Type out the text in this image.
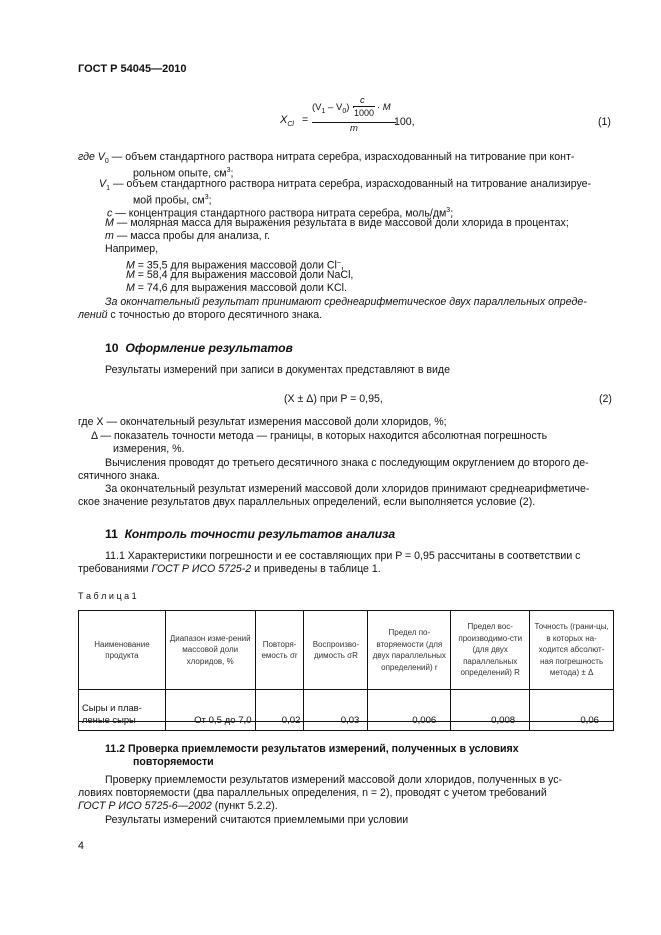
ГОСТ Р 54045—2010
$X_{Cl}$ =
$(V_1 - V_0)$ ·
c
1000 · M
m
100,	(1)
где $V_0$ — объем стандартного раствора нитрата серебра, израсходованный на титрование при конт-
рольном опыте, $см^3$;
$V_1$ — объем стандартного раствора нитрата серебра, израсходованный на титрование анализируе-
мой пробы, $см^3$;
c — концентрация стандартного раствора нитрата серебра, моль/$дм^3$;
M — молярная масса для выражения результата в виде массовой доли хлорида в процентах;
m — масса пробы для анализа, г.
Например,
M = 35,5 для выражения массовой доли Cl–,
M = 58,4 для выражения массовой доли NaCl,
M = 74,6 для выражения массовой доли KCl.
За окончательный результат принимают среднеарифметическое двух параллельных опреде-
лений с точностью до второго десятичного знака.
10 Оформление результатов
Результаты измерений при записи в документах представляют в виде
(X ± Δ) при P = 0,95,	(2)
где X — окончательный результат измерения массовой доли хлоридов, %;
Δ — показатель точности метода — границы, в которых находится абсолютная погрешность
измерения, %.
Вычисления проводят до третьего десятичного знака с последующим округлением до второго де-
сятичного знака.
За окончательный результат измерений массовой доли хлоридов принимают среднеарифметиче-
ское значение результатов двух параллельных определений, если выполняется условие (2).
11 Контроль точности результатов анализа
11.1 Характеристики погрешности и ее составляющих при P = 0,95 рассчитаны в соответствии с
требованиями ГОСТ Р ИСО 5725-2 и приведены в таблице 1.
Т а б л и ц а 1
Наименование продукта	Диапазон изме-рений массовой доли хлоридов, %	Повторя-емость σr	Воспроизво-димость σR	Предел по-вторяемости (для двух параллельных определений) r	Предел вос-производимо-сти (для двух параллельных определений) R	Точность (грани-цы, в которых на-ходится абсолют-ная погрешность метода) ± Δ
Сыры и плав-леные сыры	От 0,5 до 7,0	0,02	0,03	0,006	0,008	0,06
11.2 Проверка приемлемости результатов измерений, полученных в условиях
повторяемости
Проверку приемлемости результатов измерений массовой доли хлоридов, полученных в ус-
ловиях повторяемости (два параллельных определения, n = 2), проводят с учетом требований
ГОСТ Р ИСО 5725-6—2002 (пункт 5.2.2).
Результаты измерений считаются приемлемыми при условии
4
